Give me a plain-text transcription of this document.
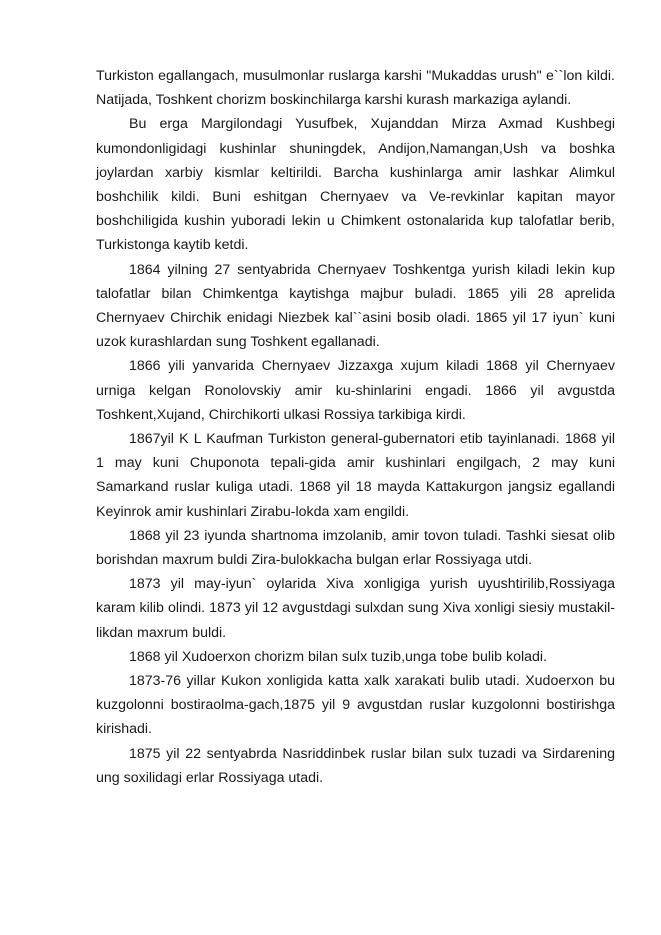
Turkiston egallangach, musulmonlar ruslarga karshi "Mukaddas urush" e``lon kildi. Natijada, Toshkent chorizm boskinchilarga karshi kurash markaziga aylandi.

Bu erga Margilondagi Yusufbek, Xujanddan Mirza Axmad Kushbegi kumondonligidagi kushinlar shuningdek, Andijon,Namangan,Ush va boshka joylardan xarbiy kismlar keltirildi. Barcha kushinlarga amir lashkar Alimkul boshchilik kildi. Buni eshitgan Chernyaev va Ve-revkinlar kapitan mayor boshchiligida kushin yuboradi lekin u Chimkent ostonalarida kup talofatlar berib, Turkistonga kaytib ketdi.

1864 yilning 27 sentyabrida Chernyaev Toshkentga yurish kiladi lekin kup talofatlar bilan Chimkentga kaytishga majbur buladi. 1865 yili 28 aprelida Chernyaev Chirchik enidagi Niezbek kal``asini bosib oladi. 1865 yil 17 iyun` kuni uzok kurashlardan sung Toshkent egallanadi.

1866 yili yanvarida Chernyaev Jizzaxga xujum kiladi 1868 yil Chernyaev urniga kelgan Ronolovskiy amir ku-shinlarini engadi. 1866 yil avgustda Toshkent,Xujand, Chirchikorti ulkasi Rossiya tarkibiga kirdi.

1867yil K L Kaufman Turkiston general-gubernatori etib tayinlanadi. 1868 yil 1 may kuni Chuponota tepali-gida amir kushinlari engilgach, 2 may kuni Samarkand ruslar kuliga utadi. 1868 yil 18 mayda Kattakurgon jangsiz egallandi Keyinrok amir kushinlari Zirabu-lokda xam engildi.

1868 yil 23 iyunda shartnoma imzolanib, amir tovon tuladi. Tashki siesat olib borishdan maxrum buldi Zira-bulokkacha bulgan erlar Rossiyaga utdi.

1873 yil may-iyun` oylarida Xiva xonligiga yurish uyushtirilib,Rossiyaga karam kilib olindi. 1873 yil 12 avgustdagi sulxdan sung Xiva xonligi siesiy mustakil-likdan maxrum buldi.

1868 yil Xudoerxon chorizm bilan sulx tuzib,unga tobe bulib koladi.

1873-76 yillar Kukon xonligida katta xalk xarakati bulib utadi. Xudoerxon bu kuzgolonni bostiraolma-gach,1875 yil 9 avgustdan ruslar kuzgolonni bostirishga kirishadi.

1875 yil 22 sentyabrda Nasriddinbek ruslar bilan sulx tuzadi va Sirdarening ung soxilidagi erlar Rossiyaga utadi.
